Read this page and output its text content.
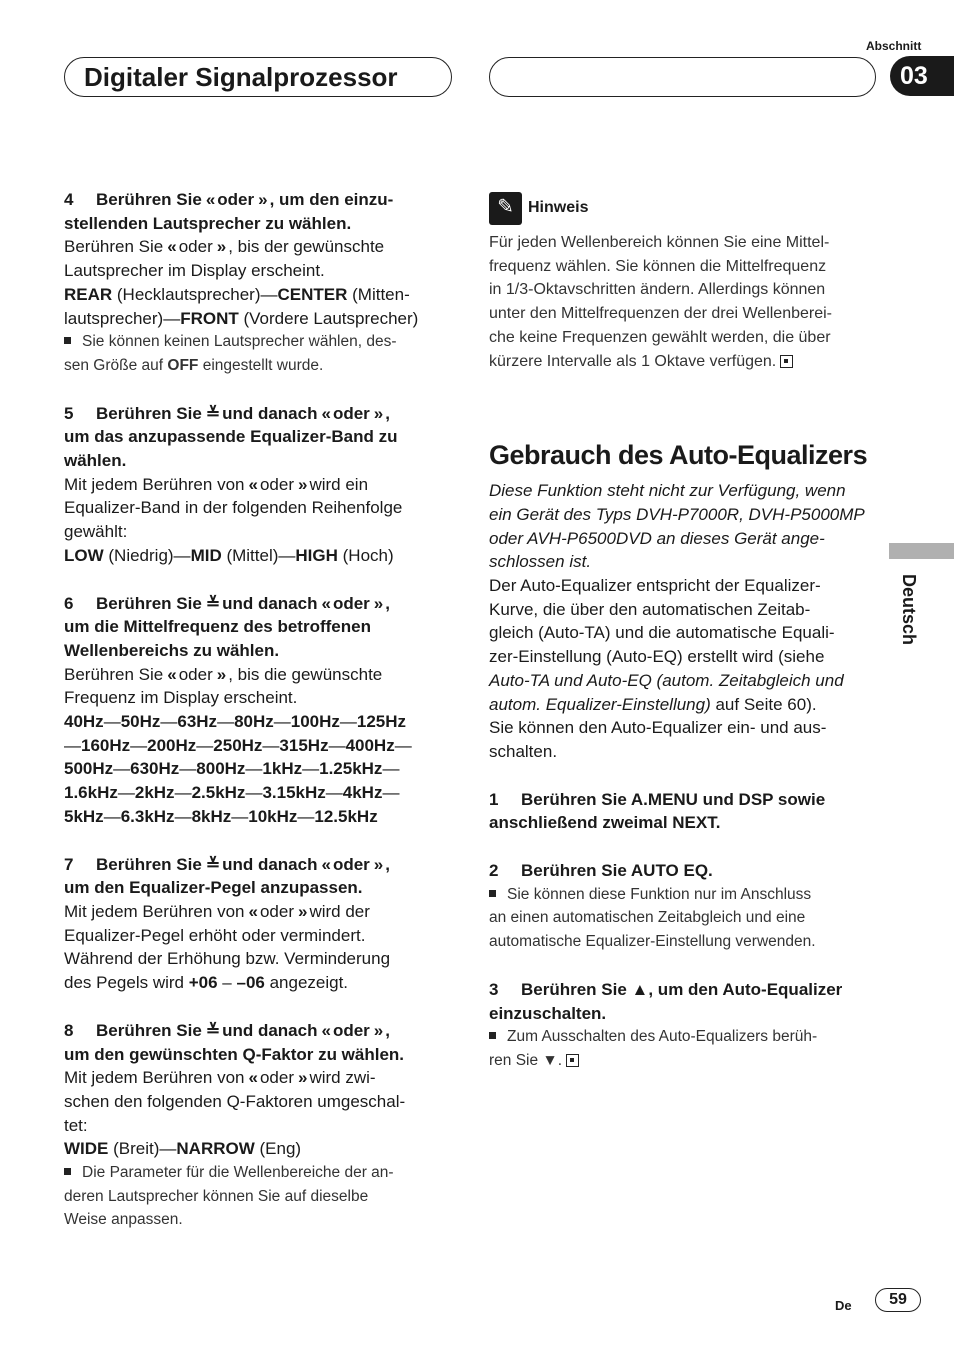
Digitaler Signalprozessor
Abschnitt
03
Deutsch

4 Berühren Sie « oder » , um den einzu-

stellenden Lautsprecher zu wählen.

Berühren Sie « oder » , bis der gewünschte

Lautsprecher im Display erscheint.

REAR (Hecklautsprecher)—CENTER (Mitten-

lautsprecher)—FRONT (Vordere Lautsprecher)

Sie können keinen Lautsprecher wählen, des-

sen Größe auf OFF eingestellt wurde.

5 Berühren Sie ≚ und danach « oder » ,

um das anzupassende Equalizer-Band zu

wählen.

Mit jedem Berühren von « oder » wird ein

Equalizer-Band in der folgenden Reihenfolge

gewählt:

LOW (Niedrig)—MID (Mittel)—HIGH (Hoch)

6 Berühren Sie ≚ und danach « oder » ,

um die Mittelfrequenz des betroffenen

Wellenbereichs zu wählen.

Berühren Sie « oder » , bis die gewünschte

Frequenz im Display erscheint.

40Hz—50Hz—63Hz—80Hz—100Hz—125Hz

—160Hz—200Hz—250Hz—315Hz—400Hz—

500Hz—630Hz—800Hz—1kHz—1.25kHz—

1.6kHz—2kHz—2.5kHz—3.15kHz—4kHz—

5kHz—6.3kHz—8kHz—10kHz—12.5kHz

7 Berühren Sie ≚ und danach « oder » ,

um den Equalizer-Pegel anzupassen.

Mit jedem Berühren von « oder » wird der

Equalizer-Pegel erhöht oder vermindert.

Während der Erhöhung bzw. Verminderung

des Pegels wird +06 – –06 angezeigt.

8 Berühren Sie ≚ und danach « oder » ,

um den gewünschten Q-Faktor zu wählen.

Mit jedem Berühren von « oder » wird zwi-

schen den folgenden Q-Faktoren umgeschal-

tet:

WIDE (Breit)—NARROW (Eng)

Die Parameter für die Wellenbereiche der an-

deren Lautsprecher können Sie auf dieselbe

Weise anpassen.

✎ Hinweis

Für jeden Wellenbereich können Sie eine Mittel-

frequenz wählen. Sie können die Mittelfrequenz

in 1/3-Oktavschritten ändern. Allerdings können

unter den Mittelfrequenzen der drei Wellenberei-

che keine Frequenzen gewählt werden, die über

kürzere Intervalle als 1 Oktave verfügen.

Gebrauch des Auto-Equalizers

Diese Funktion steht nicht zur Verfügung, wenn

ein Gerät des Typs DVH-P7000R, DVH-P5000MP

oder AVH-P6500DVD an dieses Gerät ange-

schlossen ist.

Der Auto-Equalizer entspricht der Equalizer-

Kurve, die über den automatischen Zeitab-

gleich (Auto-TA) und die automatische Equali-

zer-Einstellung (Auto-EQ) erstellt wird (siehe

Auto-TA und Auto-EQ (autom. Zeitabgleich und

autom. Equalizer-Einstellung) auf Seite 60).

Sie können den Auto-Equalizer ein- und aus-

schalten.

1 Berühren Sie A.MENU und DSP sowie

anschließend zweimal NEXT.

2 Berühren Sie AUTO EQ.

Sie können diese Funktion nur im Anschluss

an einen automatischen Zeitabgleich und eine

automatische Equalizer-Einstellung verwenden.

3 Berühren Sie ▲, um den Auto-Equalizer

einzuschalten.

Zum Ausschalten des Auto-Equalizers berüh-

ren Sie ▼.

De	59
